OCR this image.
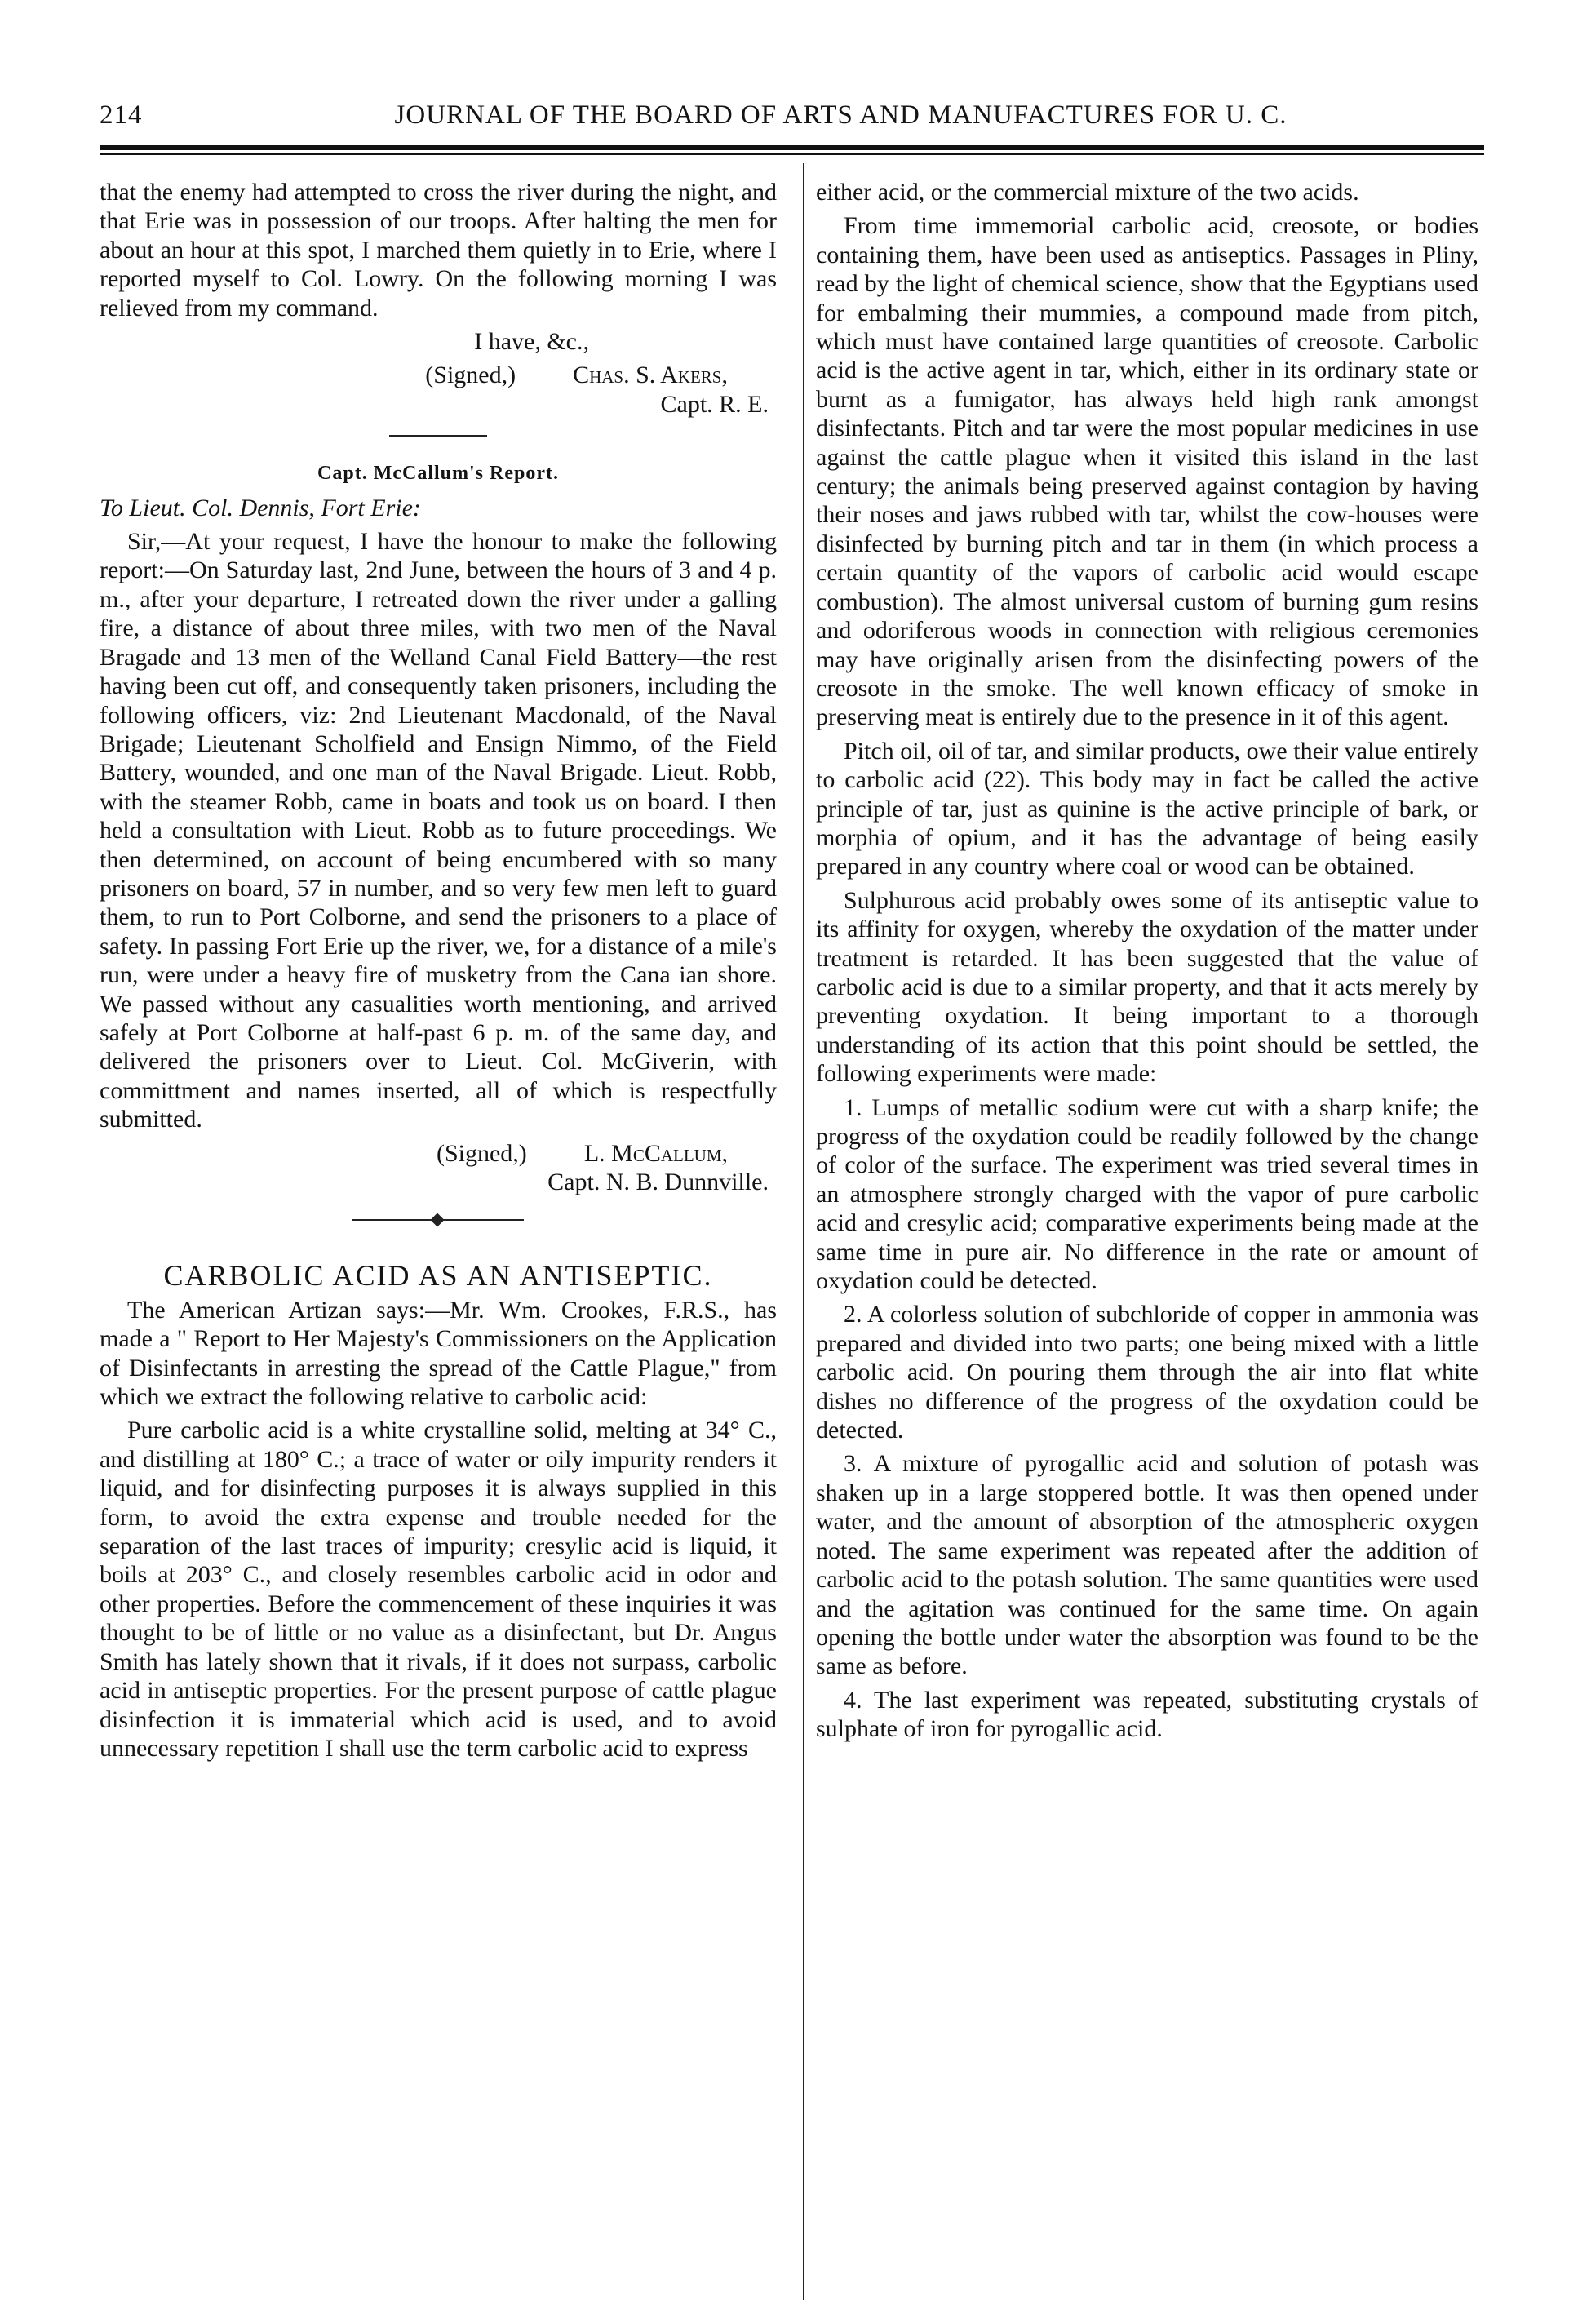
214	JOURNAL OF THE BOARD OF ARTS AND MANUFACTURES FOR U. C.

that the enemy had attempted to cross the river during the night, and that Erie was in possession of our troops. After halting the men for about an hour at this spot, I marched them quietly in to Erie, where I reported myself to Col. Lowry. On the following morning I was relieved from my command.

I have, &c.,

(Signed,) Chas. S. Akers,

Capt. R. E.

Capt. McCallum's Report.

To Lieut. Col. Dennis, Fort Erie:

Sir,—At your request, I have the honour to make the following report:—On Saturday last, 2nd June, between the hours of 3 and 4 p. m., after your departure, I retreated down the river under a galling fire, a distance of about three miles, with two men of the Naval Bragade and 13 men of the Welland Canal Field Battery—the rest having been cut off, and consequently taken prisoners, including the following officers, viz: 2nd Lieutenant Macdonald, of the Naval Brigade; Lieutenant Scholfield and Ensign Nimmo, of the Field Battery, wounded, and one man of the Naval Brigade. Lieut. Robb, with the steamer Robb, came in boats and took us on board. I then held a consultation with Lieut. Robb as to future proceedings. We then determined, on account of being encumbered with so many prisoners on board, 57 in number, and so very few men left to guard them, to run to Port Colborne, and send the prisoners to a place of safety. In passing Fort Erie up the river, we, for a distance of a mile's run, were under a heavy fire of musketry from the Cana ian shore. We passed without any casualities worth mentioning, and arrived safely at Port Colborne at half-past 6 p. m. of the same day, and delivered the prisoners over to Lieut. Col. McGiverin, with committment and names inserted, all of which is respectfully submitted.

(Signed,) L. McCallum,

Capt. N. B. Dunnville.

CARBOLIC ACID AS AN ANTISEPTIC.

The American Artizan says:—Mr. Wm. Crookes, F.R.S., has made a " Report to Her Majesty's Commissioners on the Application of Disinfectants in arresting the spread of the Cattle Plague," from which we extract the following relative to carbolic acid:

Pure carbolic acid is a white crystalline solid, melting at 34° C., and distilling at 180° C.; a trace of water or oily impurity renders it liquid, and for disinfecting purposes it is always supplied in this form, to avoid the extra expense and trouble needed for the separation of the last traces of impurity; cresylic acid is liquid, it boils at 203° C., and closely resembles carbolic acid in odor and other properties. Before the commencement of these inquiries it was thought to be of little or no value as a disinfectant, but Dr. Angus Smith has lately shown that it rivals, if it does not surpass, carbolic acid in antiseptic properties. For the present purpose of cattle plague disinfection it is immaterial which acid is used, and to avoid unnecessary repetition I shall use the term carbolic acid to express

either acid, or the commercial mixture of the two acids.

From time immemorial carbolic acid, creosote, or bodies containing them, have been used as antiseptics. Passages in Pliny, read by the light of chemical science, show that the Egyptians used for embalming their mummies, a compound made from pitch, which must have contained large quantities of creosote. Carbolic acid is the active agent in tar, which, either in its ordinary state or burnt as a fumigator, has always held high rank amongst disinfectants. Pitch and tar were the most popular medicines in use against the cattle plague when it visited this island in the last century; the animals being preserved against contagion by having their noses and jaws rubbed with tar, whilst the cow-houses were disinfected by burning pitch and tar in them (in which process a certain quantity of the vapors of carbolic acid would escape combustion). The almost universal custom of burning gum resins and odoriferous woods in connection with religious ceremonies may have originally arisen from the disinfecting powers of the creosote in the smoke. The well known efficacy of smoke in preserving meat is entirely due to the presence in it of this agent.

Pitch oil, oil of tar, and similar products, owe their value entirely to carbolic acid (22). This body may in fact be called the active principle of tar, just as quinine is the active principle of bark, or morphia of opium, and it has the advantage of being easily prepared in any country where coal or wood can be obtained.

Sulphurous acid probably owes some of its antiseptic value to its affinity for oxygen, whereby the oxydation of the matter under treatment is retarded. It has been suggested that the value of carbolic acid is due to a similar property, and that it acts merely by preventing oxydation. It being important to a thorough understanding of its action that this point should be settled, the following experiments were made:

1. Lumps of metallic sodium were cut with a sharp knife; the progress of the oxydation could be readily followed by the change of color of the surface. The experiment was tried several times in an atmosphere strongly charged with the vapor of pure carbolic acid and cresylic acid; comparative experiments being made at the same time in pure air. No difference in the rate or amount of oxydation could be detected.

2. A colorless solution of subchloride of copper in ammonia was prepared and divided into two parts; one being mixed with a little carbolic acid. On pouring them through the air into flat white dishes no difference of the progress of the oxydation could be detected.

3. A mixture of pyrogallic acid and solution of potash was shaken up in a large stoppered bottle. It was then opened under water, and the amount of absorption of the atmospheric oxygen noted. The same experiment was repeated after the addition of carbolic acid to the potash solution. The same quantities were used and the agitation was continued for the same time. On again opening the bottle under water the absorption was found to be the same as before.

4. The last experiment was repeated, substituting crystals of sulphate of iron for pyrogallic acid.
